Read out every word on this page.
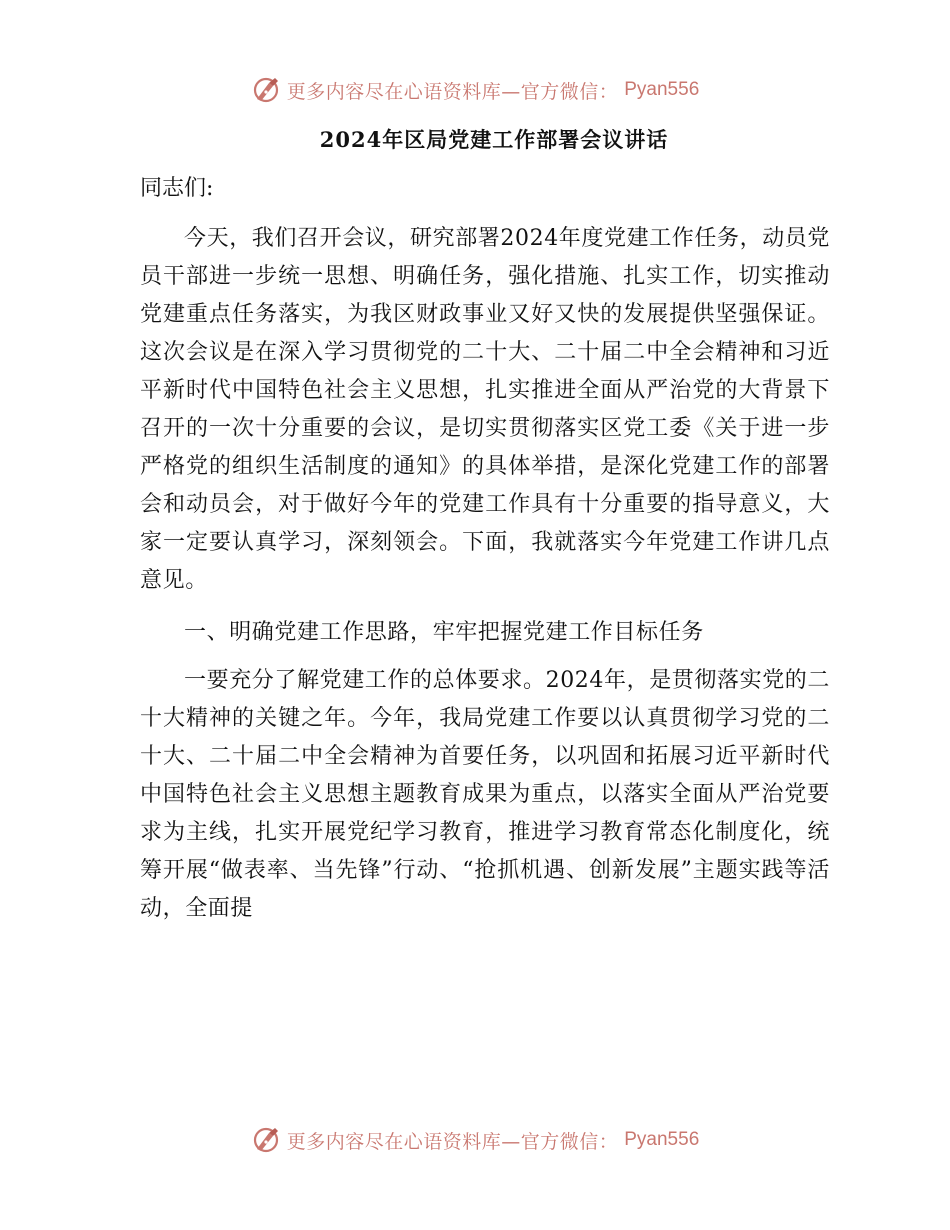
更多内容尽在心语资料库—官方微信： Pyan556
2024年区局党建工作部署会议讲话

同志们:

今天，我们召开会议，研究部署2024年度党建工作任务，动员党员干部进一步统一思想、明确任务，强化措施、扎实工作，切实推动党建重点任务落实，为我区财政事业又好又快的发展提供坚强保证。这次会议是在深入学习贯彻党的二十大、二十届二中全会精神和习近平新时代中国特色社会主义思想，扎实推进全面从严治党的大背景下召开的一次十分重要的会议，是切实贯彻落实区党工委《关于进一步严格党的组织生活制度的通知》的具体举措，是深化党建工作的部署会和动员会，对于做好今年的党建工作具有十分重要的指导意义，大家一定要认真学习，深刻领会。下面，我就落实今年党建工作讲几点意见。

一、明确党建工作思路，牢牢把握党建工作目标任务

一要充分了解党建工作的总体要求。2024年，是贯彻落实党的二十大精神的关键之年。今年，我局党建工作要以认真贯彻学习党的二十大、二十届二中全会精神为首要任务，以巩固和拓展习近平新时代中国特色社会主义思想主题教育成果为重点，以落实全面从严治党要求为主线，扎实开展党纪学习教育，推进学习教育常态化制度化，统筹开展“做表率、当先锋”行动、“抢抓机遇、创新发展”主题实践等活动，全面提

更多内容尽在心语资料库—官方微信： Pyan556
